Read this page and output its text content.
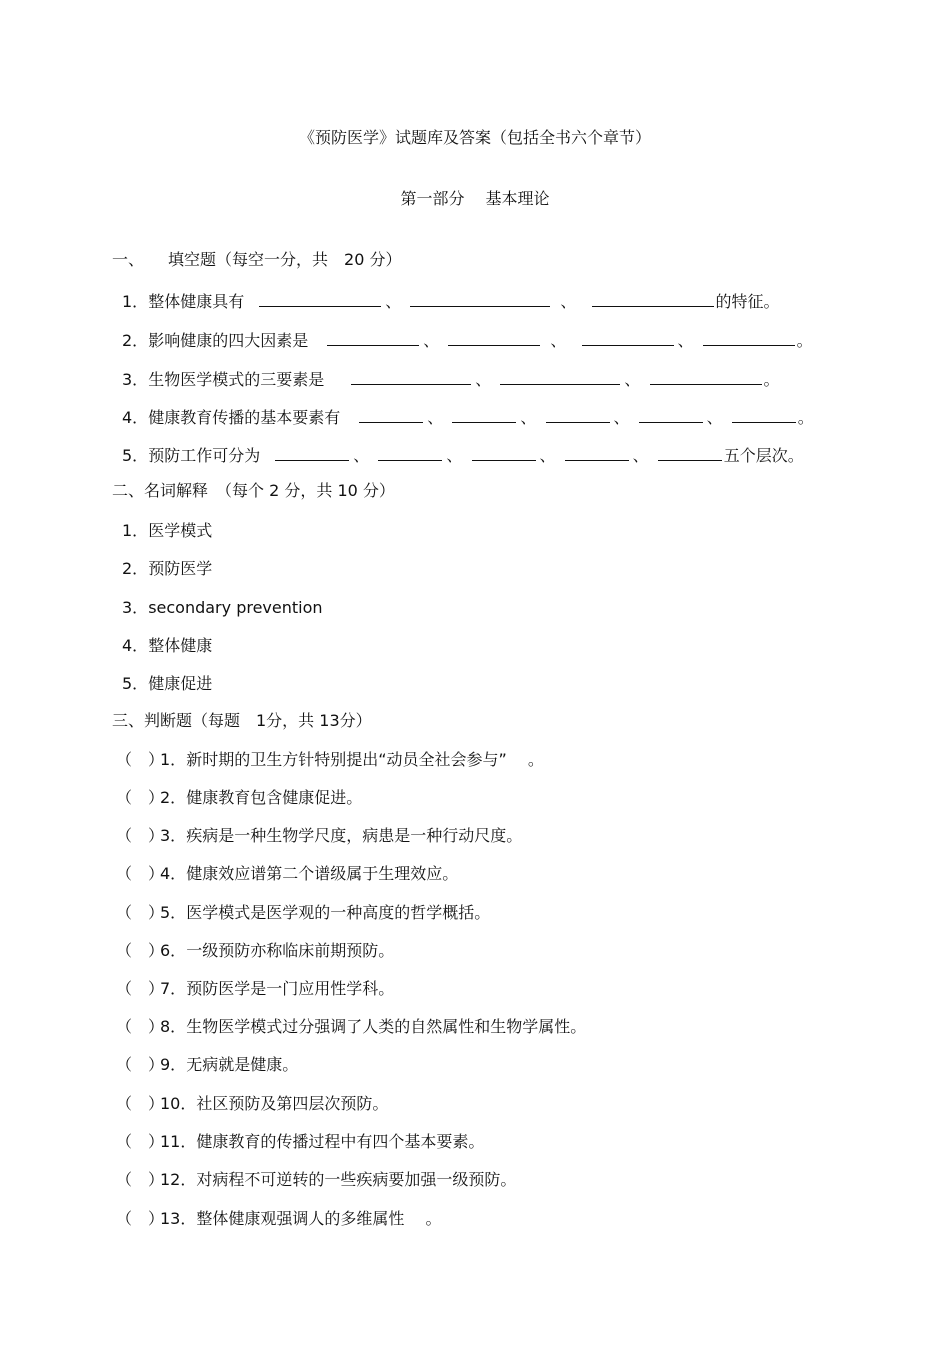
《预防医学》试题库及答案（包括全书六个章节）
第一部分　 基本理论
一、 填空题（每空一分，共　20 分）
1．整体健康具有	、	、	的特征。
2．影响健康的四大因素是	、	、	、	。
3．生物医学模式的三要素是	、	、	。
4．健康教育传播的基本要素有	、	、	、	、	。
5．预防工作可分为	、	、	、	、	五个层次。
二、名词解释　（每个 2 分，共 10 分）
1．医学模式
2．预防医学
3．secondary prevention
4．整体健康
5．健康促进
三、判断题（每题　1分，共 13分）
（　）1．新时期的卫生方针特别提出“动员全社会参与”　 。
（　）2．健康教育包含健康促进。
（　）3．疾病是一种生物学尺度，病患是一种行动尺度。
（　）4．健康效应谱第二个谱级属于生理效应。
（　）5．医学模式是医学观的一种高度的哲学概括。
（　）6．一级预防亦称临床前期预防。
（　）7．预防医学是一门应用性学科。
（　）8．生物医学模式过分强调了人类的自然属性和生物学属性。
（　）9．无病就是健康。
（　）10．社区预防及第四层次预防。
（　）11．健康教育的传播过程中有四个基本要素。
（　）12．对病程不可逆转的一些疾病要加强一级预防。
（　）13．整体健康观强调人的多维属性　 。
